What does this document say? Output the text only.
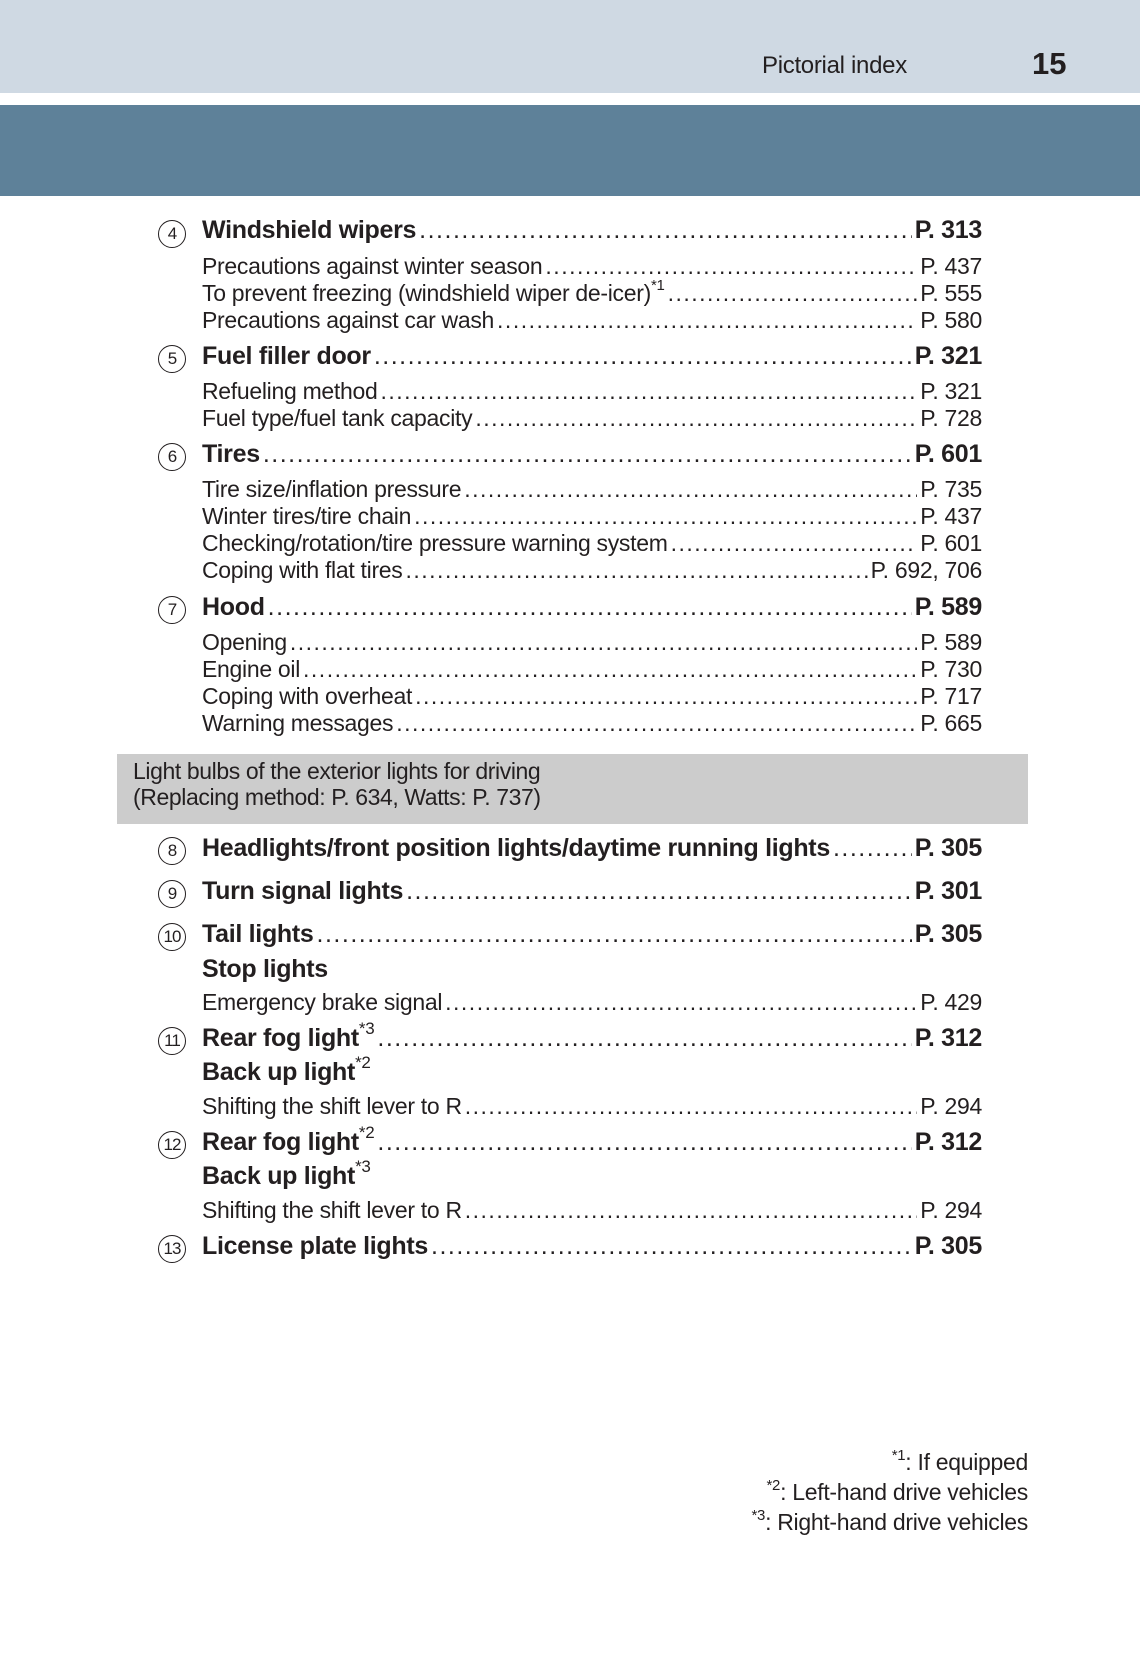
Pictorial index	15
4	Windshield wipers .....	P. 313
Precautions against winter season .....	P. 437
To prevent freezing (windshield wiper de-icer)$^{*1}$ .....	P. 555
Precautions against car wash .....	P. 580
5	Fuel filler door .....	P. 321
Refueling method .....	P. 321
Fuel type/fuel tank capacity .....	P. 728
6	Tires .....	P. 601
Tire size/inflation pressure .....	P. 735
Winter tires/tire chain .....	P. 437
Checking/rotation/tire pressure warning system .....	P. 601
Coping with flat tires .....	P. 692, 706
7	Hood .....	P. 589
Opening .....	P. 589
Engine oil .....	P. 730
Coping with overheat .....	P. 717
Warning messages .....	P. 665
Light bulbs of the exterior lights for driving
(Replacing method: P. 634, Watts: P. 737)
8	Headlights/front position lights/daytime running lights .....	P. 305
9	Turn signal lights .....	P. 301
10 Tail lights .....	P. 305
Stop lights
Emergency brake signal .....	P. 429
11 Rear fog light$^{*3}$ .....	P. 312
Back up light$^{*2}$
Shifting the shift lever to R .....	P. 294
12 Rear fog light$^{*2}$ .....	P. 312
Back up light$^{*3}$
Shifting the shift lever to R .....	P. 294
13 License plate lights .....	P. 305
$^{*1}$: If equipped
$^{*2}$: Left-hand drive vehicles
$^{*3}$: Right-hand drive vehicles
